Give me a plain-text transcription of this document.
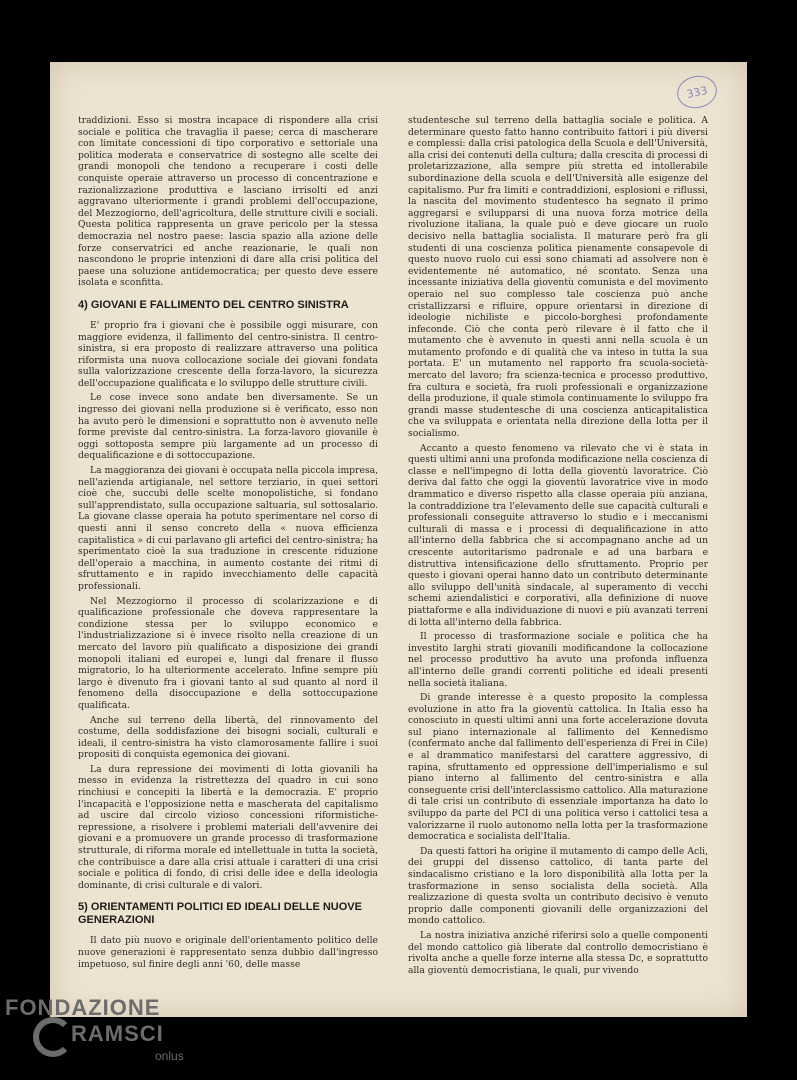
333

traddizioni. Esso si mostra incapace di rispondere alla crisi sociale e politica che travaglia il paese; cerca di mascherare con limitate concessioni di tipo corporativo e settoriale una politica moderata e conservatrice di sostegno alle scelte dei grandi monopoli che tendono a recuperare i costi delle conquiste operaie attraverso un processo di concentrazione e razionalizzazione produttiva e lasciano irrisolti ed anzi aggravano ulteriormente i grandi problemi dell'occupazione, del Mezzogiorno, dell'agricoltura, delle strutture civili e sociali. Questa politica rappresenta un grave pericolo per la stessa democrazia nel nostro paese: lascia spazio alla azione delle forze conservatrici ed anche reazionarie, le quali non nascondono le proprie intenzioni di dare alla crisi politica del paese una soluzione antidemocratica; per questo deve essere isolata e sconfitta.

4) GIOVANI E FALLIMENTO DEL CENTRO SINISTRA

E' proprio fra i giovani che è possibile oggi misurare, con maggiore evidenza, il fallimento del centro-sinistra. Il centro-sinistra, si era proposto di realizzare attraverso una politica riformista una nuova collocazione sociale dei giovani fondata sulla valorizzazione crescente della forza-lavoro, la sicurezza dell'occupazione qualificata e lo sviluppo delle strutture civili.

Le cose invece sono andate ben diversamente. Se un ingresso dei giovani nella produzione si è verificato, esso non ha avuto però le dimensioni e soprattutto non è avvenuto nelle forme previste dal centro-sinistra. La forza-lavoro giovanile è oggi sottoposta sempre più largamente ad un processo di dequalificazione e di sottoccupazione.

La maggioranza dei giovani è occupata nella piccola impresa, nell'azienda artigianale, nel settore terziario, in quei settori cioè che, succubi delle scelte monopolistiche, si fondano sull'apprendistato, sulla occupazione saltuaria, sul sottosalario. La giovane classe operaia ha potuto sperimentare nel corso di questi anni il senso concreto della « nuova efficienza capitalistica » di cui parlavano gli artefici del centro-sinistra; ha sperimentato cioè la sua traduzione in crescente riduzione dell'operaio a macchina, in aumento costante dei ritmi di sfruttamento e in rapido invecchiamento delle capacità professionali.

Nel Mezzogiorno il processo di scolarizzazione e di qualificazione professionale che doveva rappresentare la condizione stessa per lo sviluppo economico e l'industrializzazione si è invece risolto nella creazione di un mercato del lavoro più qualificato a disposizione dei grandi monopoli italiani ed europei e, lungi dal frenare il flusso migratorio, lo ha ulteriormente accelerato. Infine sempre più largo è divenuto fra i giovani tanto al sud quanto al nord il fenomeno della disoccupazione e della sottoccupazione qualificata.

Anche sul terreno della libertà, del rinnovamento del costume, della soddisfazione dei bisogni sociali, culturali e ideali, il centro-sinistra ha visto clamorosamente fallire i suoi propositi di conquista egemonica dei giovani.

La dura repressione dei movimenti di lotta giovanili ha messo in evidenza la ristrettezza del quadro in cui sono rinchiusi e concepiti la libertà e la democrazia. E' proprio l'incapacità e l'opposizione netta e mascherata del capitalismo ad uscire dal circolo vizioso concessioni riformistiche-repressione, a risolvere i problemi materiali dell'avvenire dei giovani e a promuovere un grande processo di trasformazione strutturale, di riforma morale ed intellettuale in tutta la società, che contribuisce a dare alla crisi attuale i caratteri di una crisi sociale e politica di fondo, di crisi delle idee e della ideologia dominante, di crisi culturale e di valori.

5) ORIENTAMENTI POLITICI ED IDEALI DELLE NUOVE GENERAZIONI

Il dato più nuovo e originale dell'orientamento politico delle nuove generazioni è rappresentato senza dubbio dall'ingresso impetuoso, sul finire degli anni '60, delle masse

studentesche sul terreno della battaglia sociale e politica. A determinare questo fatto hanno contribuito fattori i più diversi e complessi: dalla crisi patologica della Scuola e dell'Università, alla crisi dei contenuti della cultura; dalla crescita di processi di proletarizzazione, alla sempre più stretta ed intollerabile subordinazione della scuola e dell'Università alle esigenze del capitalismo. Pur fra limiti e contraddizioni, esplosioni e riflussi, la nascita del movimento studentesco ha segnato il primo aggregarsi e svilupparsi di una nuova forza motrice della rivoluzione italiana, la quale può e deve giocare un ruolo decisivo nella battaglia socialista. Il maturare però fra gli studenti di una coscienza politica pienamente consapevole di questo nuovo ruolo cui essi sono chiamati ad assolvere non è evidentemente né automatico, né scontato. Senza una incessante iniziativa della gioventù comunista e del movimento operaio nel suo complesso tale coscienza può anche cristallizzarsi e rifluire, oppure orientarsi in direzione di ideologie nichiliste e piccolo-borghesi profondamente infeconde. Ciò che conta però rilevare è il fatto che il mutamento che è avvenuto in questi anni nella scuola è un mutamento profondo e di qualità che va inteso in tutta la sua portata. E' un mutamento nel rapporto fra scuola-società-mercato del lavoro; fra scienza-tecnica e processo produttivo, fra cultura e società, fra ruoli professionali e organizzazione della produzione, il quale stimola continuamente lo sviluppo fra grandi masse studentesche di una coscienza anticapitalistica che va sviluppata e orientata nella direzione della lotta per il socialismo.

Accanto a questo fenomeno va rilevato che vi è stata in questi ultimi anni una profonda modificazione nella coscienza di classe e nell'impegno di lotta della gioventù lavoratrice. Ciò deriva dal fatto che oggi la gioventù lavoratrice vive in modo drammatico e diverso rispetto alla classe operaia più anziana, la contraddizione tra l'elevamento delle sue capacità culturali e professionali conseguite attraverso lo studio e i meccanismi culturali di massa e i processi di dequalificazione in atto all'interno della fabbrica che si accompagnano anche ad un crescente autoritarismo padronale e ad una barbara e distruttiva intensificazione dello sfruttamento. Proprio per questo i giovani operai hanno dato un contributo determinante allo sviluppo dell'unità sindacale, al superamento di vecchi schemi aziendalistici e corporativi, alla definizione di nuove piattaforme e alla individuazione di nuovi e più avanzati terreni di lotta all'interno della fabbrica.

Il processo di trasformazione sociale e politica che ha investito larghi strati giovanili modificandone la collocazione nel processo produttivo ha avuto una profonda influenza all'interno delle grandi correnti politiche ed ideali presenti nella società italiana.

Di grande interesse è a questo proposito la complessa evoluzione in atto fra la gioventù cattolica. In Italia esso ha conosciuto in questi ultimi anni una forte accelerazione dovuta sul piano internazionale al fallimento del Kennedismo (confermato anche dal fallimento dell'esperienza di Frei in Cile) e al drammatico manifestarsi del carattere aggressivo, di rapina, sfruttamento ed oppressione dell'imperialismo e sul piano interno al fallimento del centro-sinistra e alla conseguente crisi dell'interclassismo cattolico. Alla maturazione di tale crisi un contributo di essenziale importanza ha dato lo sviluppo da parte del PCI di una politica verso i cattolici tesa a valorizzarne il ruolo autonomo nella lotta per la trasformazione democratica e socialista dell'Italia.

Da questi fattori ha origine il mutamento di campo delle Acli, dei gruppi del dissenso cattolico, di tanta parte del sindacalismo cristiano e la loro disponibilità alla lotta per la trasformazione in senso socialista della società. Alla realizzazione di questa svolta un contributo decisivo è venuto proprio dalle componenti giovanili delle organizzazioni del mondo cattolico.

La nostra iniziativa anziché riferirsi solo a quelle componenti del mondo cattolico già liberate dal controllo democristiano è rivolta anche a quelle forze interne alla stessa Dc, e soprattutto alla gioventù democristiana, le quali, pur vivendo

FONDAZIONE
RAMSCI
onlus
